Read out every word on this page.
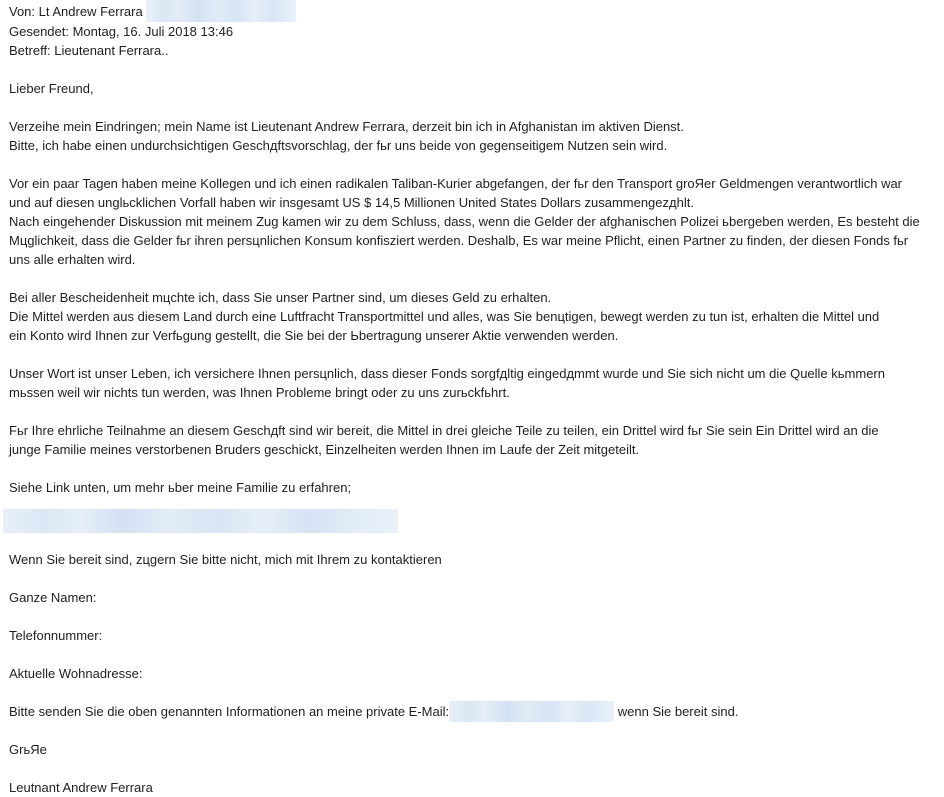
Von: Lt Andrew Ferrara
Gesendet: Montag, 16. Juli 2018 13:46
Betreff: Lieutenant Ferrara..
Lieber Freund,
Verzeihe mein Eindringen; mein Name ist Lieutenant Andrew Ferrara, derzeit bin ich in Afghanistan im aktiven Dienst.
Bitte, ich habe einen undurchsichtigen Geschдftsvorschlag, der fьr uns beide von gegenseitigem Nutzen sein wird.
Vor ein paar Tagen haben meine Kollegen und ich einen radikalen Taliban-Kurier abgefangen, der fьr den Transport groЯer Geldmengen verantwortlich war
und auf diesen unglьcklichen Vorfall haben wir insgesamt US $ 14,5 Millionen United States Dollars zusammengezдhlt.
Nach eingehender Diskussion mit meinem Zug kamen wir zu dem Schluss, dass, wenn die Gelder der afghanischen Polizei ьbergeben werden, Es besteht die
Mцglichkeit, dass die Gelder fьr ihren persцnlichen Konsum konfisziert werden. Deshalb, Es war meine Pflicht, einen Partner zu finden, der diesen Fonds fьr
uns alle erhalten wird.
Bei aller Bescheidenheit mцchte ich, dass Sie unser Partner sind, um dieses Geld zu erhalten.
Die Mittel werden aus diesem Land durch eine Luftfracht Transportmittel und alles, was Sie benцtigen, bewegt werden zu tun ist, erhalten die Mittel und
ein Konto wird Ihnen zur Verfьgung gestellt, die Sie bei der Ьbertragung unserer Aktie verwenden werden.
Unser Wort ist unser Leben, ich versichere Ihnen persцnlich, dass dieser Fonds sorgfдltig eingedдmmt wurde und Sie sich nicht um die Quelle kьmmern
mьssen weil wir nichts tun werden, was Ihnen Probleme bringt oder zu uns zurьckfьhrt.
Fьr Ihre ehrliche Teilnahme an diesem Geschдft sind wir bereit, die Mittel in drei gleiche Teile zu teilen, ein Drittel wird fьr Sie sein Ein Drittel wird an die
junge Familie meines verstorbenen Bruders geschickt, Einzelheiten werden Ihnen im Laufe der Zeit mitgeteilt.
Siehe Link unten, um mehr ьber meine Familie zu erfahren;
Wenn Sie bereit sind, zцgern Sie bitte nicht, mich mit Ihrem zu kontaktieren
Ganze Namen:
Telefonnummer:
Aktuelle Wohnadresse:
Bitte senden Sie die oben genannten Informationen an meine private E-Mail:	wenn Sie bereit sind.
GrьЯe
Leutnant Andrew Ferrara
